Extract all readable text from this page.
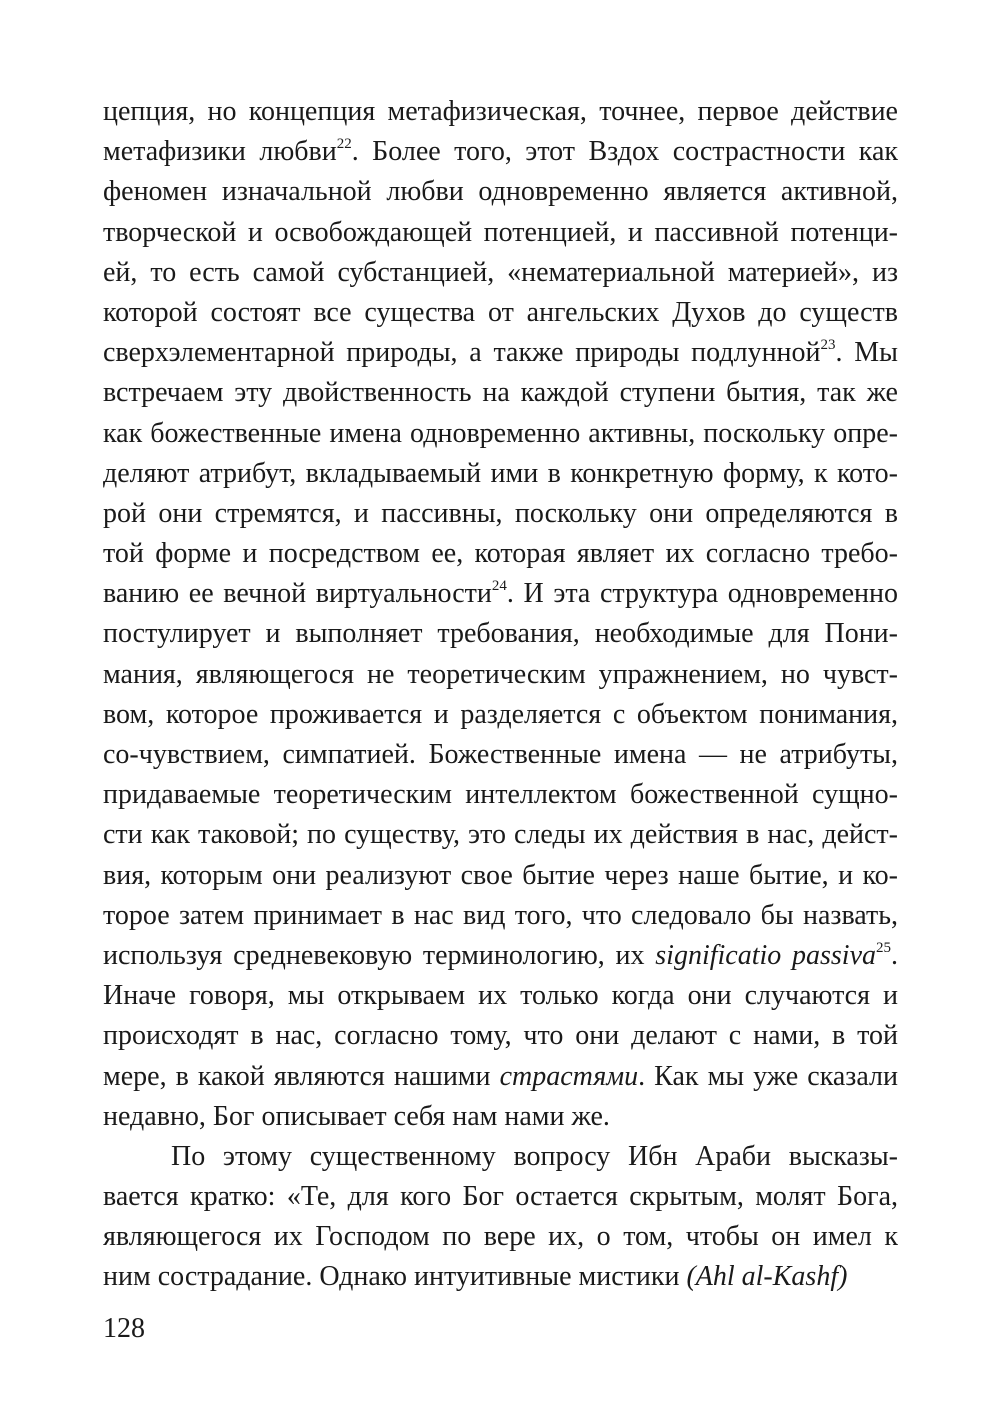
цепция, но концепция метафизическая, точнее, первое действие
метафизики любви$^{22}$. Более того, этот Вздох сострастности как
феномен изначальной любви одновременно является активной,
творческой и освобождающей потенцией, и пассивной потенци-
ей, то есть самой субстанцией, «нематериальной материей», из
которой состоят все существа от ангельских Духов до существ
сверхэлементарной природы, а также природы подлунной$^{23}$. Мы
встречаем эту двойственность на каждой ступени бытия, так же
как божественные имена одновременно активны, поскольку опре-
деляют атрибут, вкладываемый ими в конкретную форму, к кото-
рой они стремятся, и пассивны, поскольку они определяются в
той форме и посредством ее, которая являет их согласно требо-
ванию ее вечной виртуальности$^{24}$. И эта структура одновременно
постулирует и выполняет требования, необходимые для Пони-
мания, являющегося не теоретическим упражнением, но чувст-
вом, которое проживается и разделяется с объектом понимания,
со-чувствием, симпатией. Божественные имена — не атрибуты,
придаваемые теоретическим интеллектом божественной сущно-
сти как таковой; по существу, это следы их действия в нас, дейст-
вия, которым они реализуют свое бытие через наше бытие, и ко-
торое затем принимает в нас вид того, что следовало бы назвать,
используя средневековую терминологию, их significatio passiva$^{25}$.
Иначе говоря, мы открываем их только когда они случаются и
происходят в нас, согласно тому, что они делают с нами, в той
мере, в какой являются нашими страстями. Как мы уже сказали
недавно, Бог описывает себя нам нами же.

По этому существенному вопросу Ибн Араби высказы-
вается кратко: «Те, для кого Бог остается скрытым, молят Бога,
являющегося их Господом по вере их, о том, чтобы он имел к
ним сострадание. Однако интуитивные мистики (Ahl al-Kashf)

128
